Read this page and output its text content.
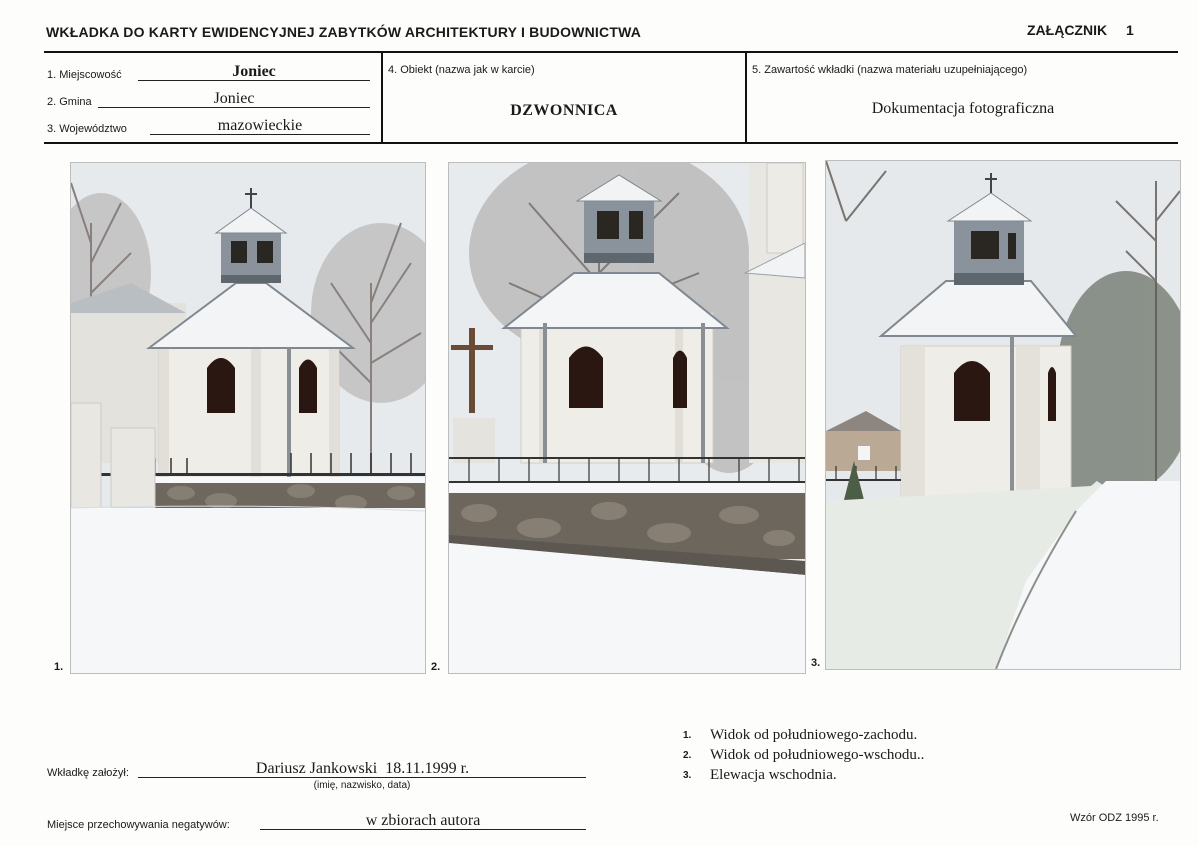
WKŁADKA DO KARTY EWIDENCYJNEJ ZABYTKÓW ARCHITEKTURY I BUDOWNICTWA	ZAŁĄCZNIK 1
1. Miejscowość	Joniec
2. Gmina	Joniec
3. Województwo	mazowieckie
4. Obiekt (nazwa jak w karcie)
DZWONNICA
5. Zawartość wkładki (nazwa materiału uzupełniającego)
Dokumentacja fotograficzna
1.	2.	3.
1.	Widok od południowego-zachodu.
2.	Widok od południowego-wschodu..
3.	Elewacja wschodnia.
Wkładkę założył:	Dariusz Jankowski  18.11.1999 r.
(imię, nazwisko, data)
Miejsce przechowywania negatywów:	w zbiorach autora	Wzór ODZ 1995 r.
